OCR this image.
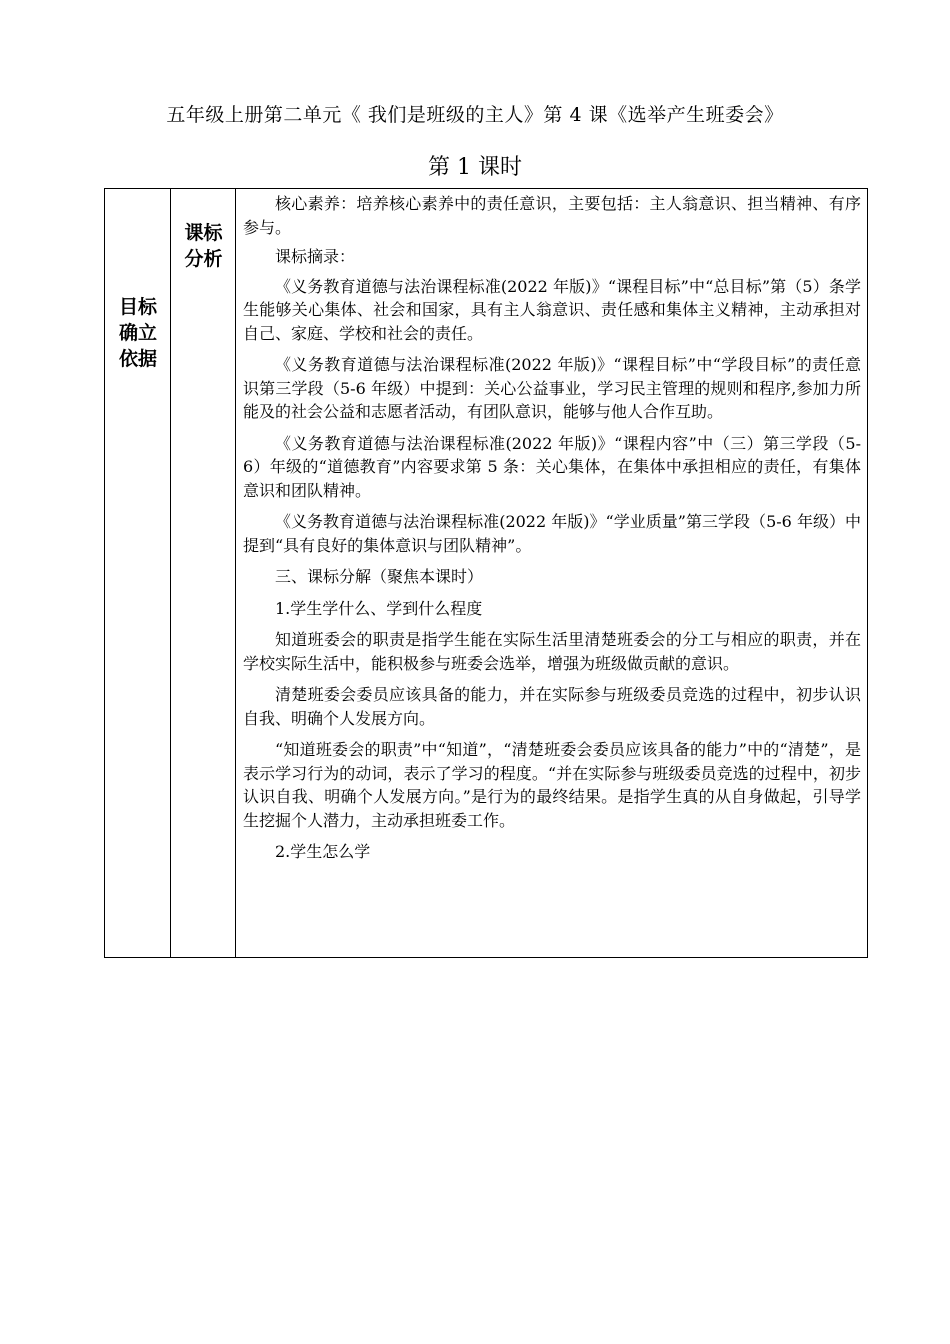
五年级上册第二单元《 我们是班级的主人》第 4 课《选举产生班委会》
第 1 课时
目标
确立
依据
课标
分析

核心素养：培养核心素养中的责任意识，主要包括：主人翁意识、担当精神、有序参与。

课标摘录：

《义务教育道德与法治课程标准(2022 年版)》“课程目标”中“总目标”第（5）条学生能够关心集体、社会和国家，具有主人翁意识、责任感和集体主义精神，主动承担对自己、家庭、学校和社会的责任。

《义务教育道德与法治课程标准(2022 年版)》“课程目标”中“学段目标”的责任意识第三学段（5-6 年级）中提到：关心公益事业，学习民主管理的规则和程序,参加力所能及的社会公益和志愿者活动，有团队意识，能够与他人合作互助。

《义务教育道德与法治课程标准(2022 年版)》“课程内容”中（三）第三学段（5-6）年级的“道德教育”内容要求第 5 条：关心集体，在集体中承担相应的责任，有集体意识和团队精神。

《义务教育道德与法治课程标准(2022 年版)》“学业质量”第三学段（5-6 年级）中提到“具有良好的集体意识与团队精神”。

三、课标分解（聚焦本课时）

1.学生学什么、学到什么程度

知道班委会的职责是指学生能在实际生活里清楚班委会的分工与相应的职责，并在学校实际生活中，能积极参与班委会选举，增强为班级做贡献的意识。

清楚班委会委员应该具备的能力，并在实际参与班级委员竞选的过程中，初步认识自我、明确个人发展方向。

“知道班委会的职责”中“知道”，“清楚班委会委员应该具备的能力”中的“清楚”，是表示学习行为的动词，表示了学习的程度。“并在实际参与班级委员竞选的过程中，初步认识自我、明确个人发展方向。”是行为的最终结果。是指学生真的从自身做起，引导学生挖掘个人潜力，主动承担班委工作。

2.学生怎么学
